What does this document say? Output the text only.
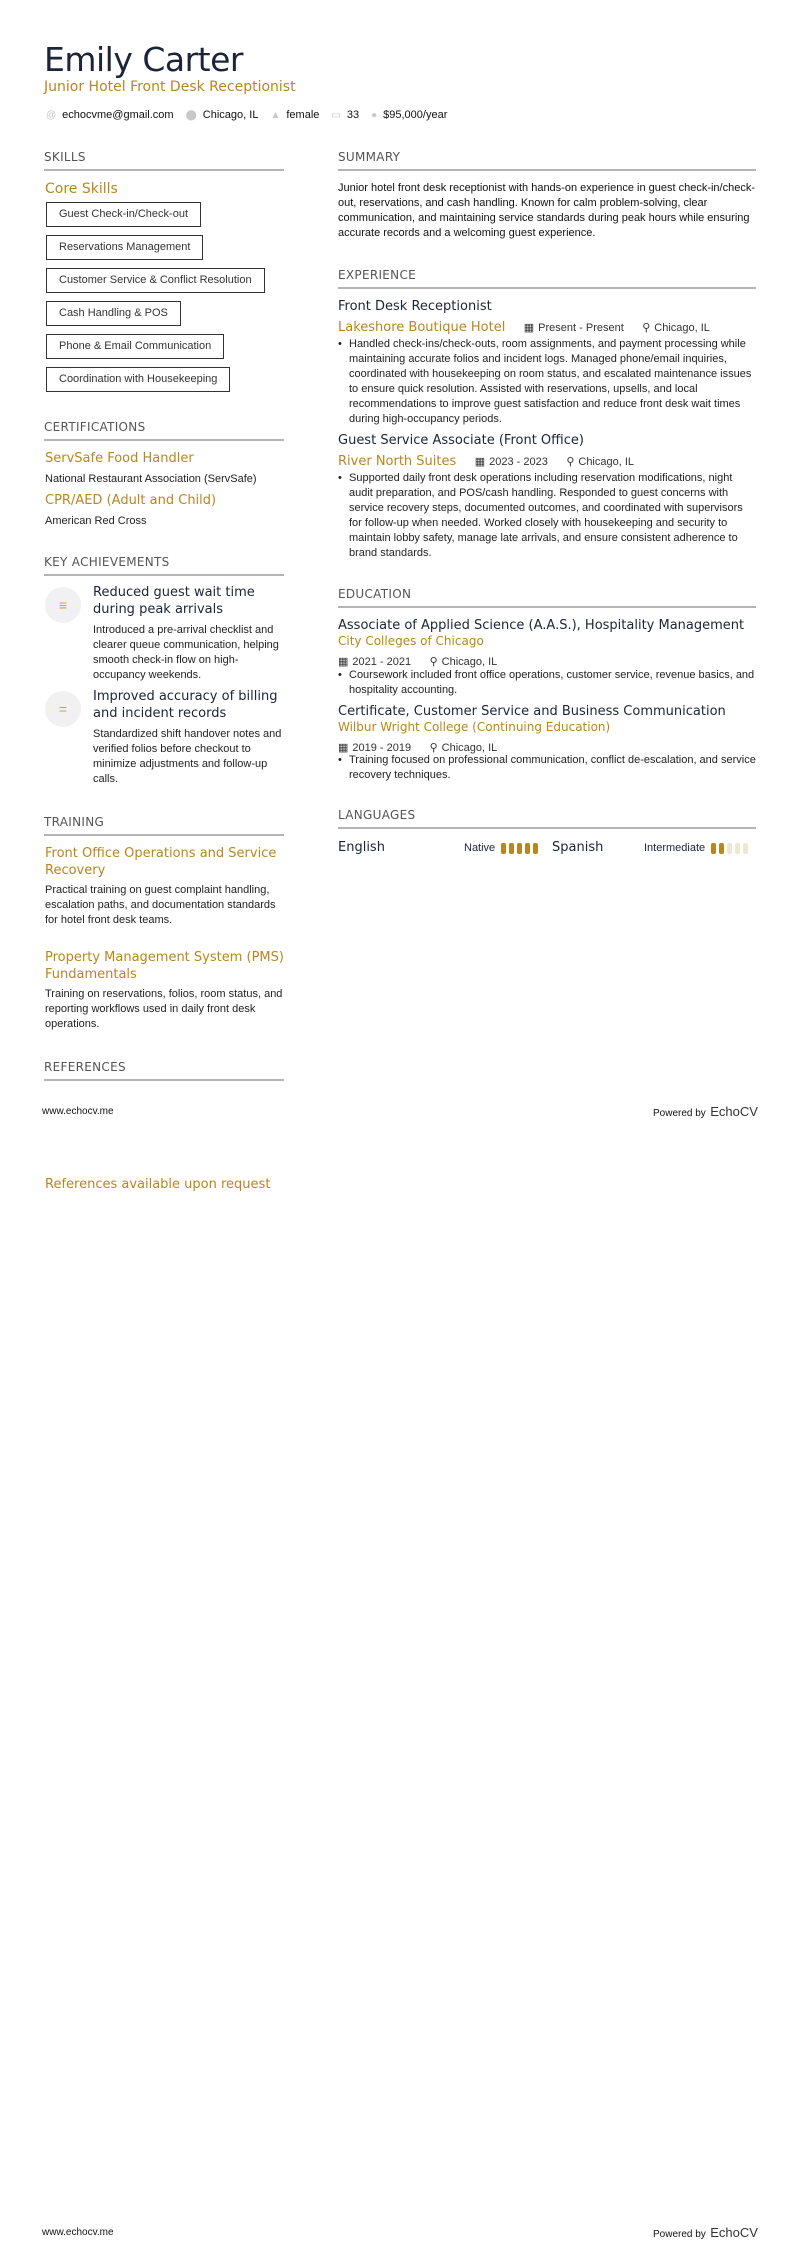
Emily Carter
Junior Hotel Front Desk Receptionist
@ echocvme@gmail.com ⬤ Chicago, IL ▲ female ▭ 33 ● $95,000/year
SKILLS
Core Skills
Guest Check-in/Check-out
Reservations Management
Customer Service & Conflict Resolution
Cash Handling & POS
Phone & Email Communication
Coordination with Housekeeping
CERTIFICATIONS
ServSafe Food Handler
National Restaurant Association (ServSafe)
CPR/AED (Adult and Child)
American Red Cross
KEY ACHIEVEMENTS
≡
Reduced guest wait time during peak arrivals
Introduced a pre-arrival checklist and clearer queue communication, helping smooth check-in flow on high-occupancy weekends.
=
Improved accuracy of billing and incident records
Standardized shift handover notes and verified folios before checkout to minimize adjustments and follow-up calls.
TRAINING
Front Office Operations and Service Recovery
Practical training on guest complaint handling, escalation paths, and documentation standards for hotel front desk teams.
Property Management System (PMS) Fundamentals
Training on reservations, folios, room status, and reporting workflows used in daily front desk operations.
REFERENCES
SUMMARY
Junior hotel front desk receptionist with hands-on experience in guest check-in/check-out, reservations, and cash handling. Known for calm problem-solving, clear communication, and maintaining service standards during peak hours while ensuring accurate records and a welcoming guest experience.
EXPERIENCE
Front Desk Receptionist
Lakeshore Boutique Hotel ▦ Present - Present
⚲ Chicago, IL
• Handled check-ins/check-outs, room assignments, and payment processing while maintaining accurate folios and incident logs. Managed phone/email inquiries, coordinated with housekeeping on room status, and escalated maintenance issues to ensure quick resolution. Assisted with reservations, upsells, and local recommendations to improve guest satisfaction and reduce front desk wait times during high-occupancy periods.
Guest Service Associate (Front Office)
River North Suites ▦ 2023 - 2023
⚲ Chicago, IL
• Supported daily front desk operations including reservation modifications, night audit preparation, and POS/cash handling. Responded to guest concerns with service recovery steps, documented outcomes, and coordinated with supervisors for follow-up when needed. Worked closely with housekeeping and security to maintain lobby safety, manage late arrivals, and ensure consistent adherence to brand standards.
EDUCATION
Associate of Applied Science (A.A.S.), Hospitality Management
City Colleges of Chicago
▦ 2021 - 2021
⚲ Chicago, IL
• Coursework included front office operations, customer service, revenue basics, and hospitality accounting.
Certificate, Customer Service and Business Communication
Wilbur Wright College (Continuing Education)
▦ 2019 - 2019
⚲ Chicago, IL
• Training focused on professional communication, conflict de-escalation, and service recovery techniques.
LANGUAGES
English	Native	Spanish	Intermediate
www.echocv.me	Powered by EchoCV
References available upon request
www.echocv.me	Powered by EchoCV
